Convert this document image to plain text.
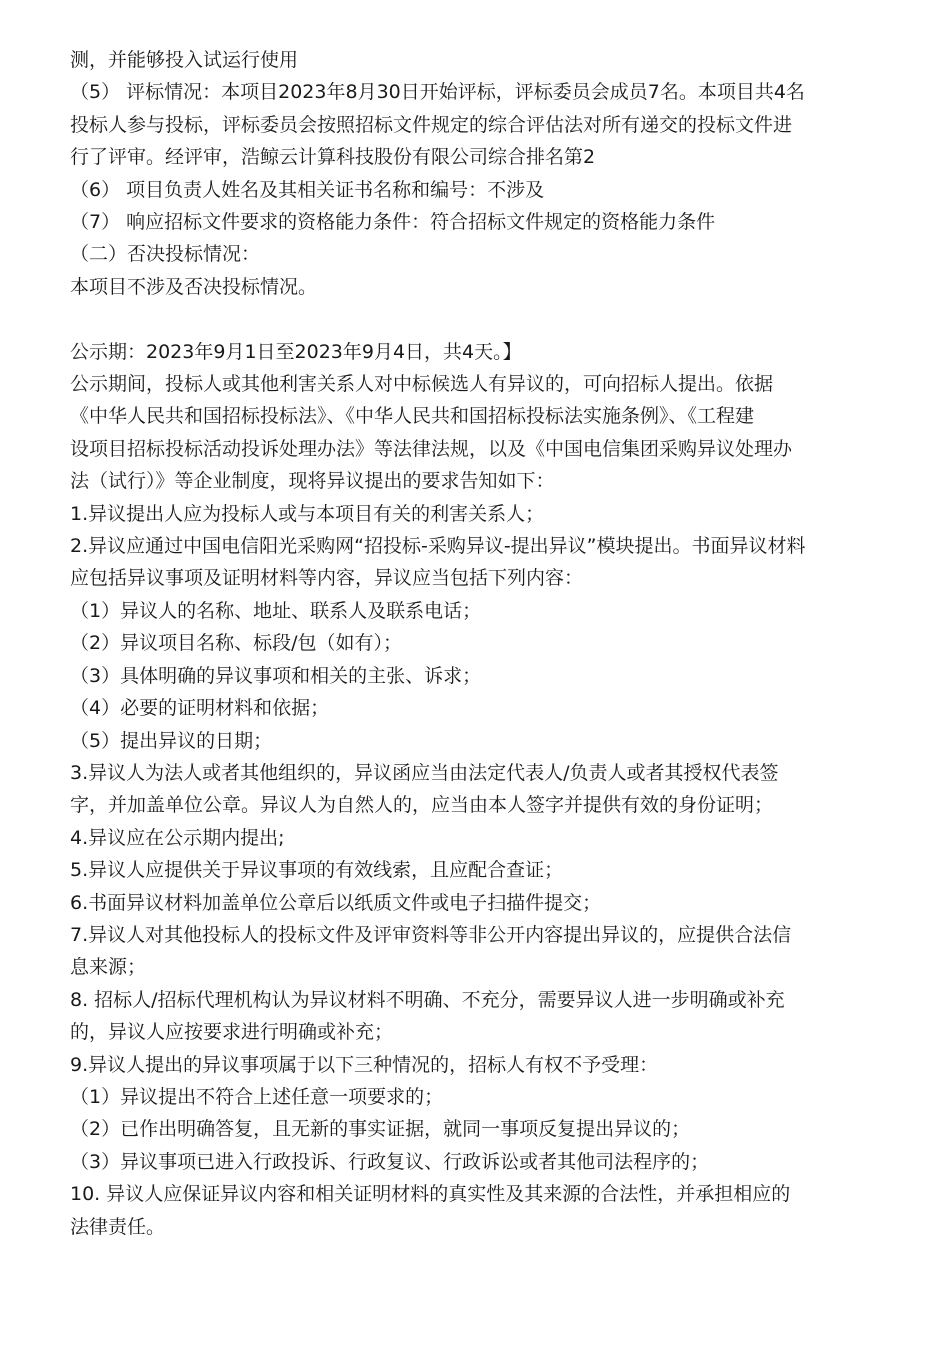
测，并能够投入试运行使用

（5） 评标情况：本项目2023年8月30日开始评标，评标委员会成员7名。本项目共4名

投标人参与投标，评标委员会按照招标文件规定的综合评估法对所有递交的投标文件进

行了评审。经评审，浩鲸云计算科技股份有限公司综合排名第2

（6） 项目负责人姓名及其相关证书名称和编号：不涉及

（7） 响应招标文件要求的资格能力条件：符合招标文件规定的资格能力条件

（二）否决投标情况：

本项目不涉及否决投标情况。

公示期：2023年9月1日至2023年9月4日，共4天。】

公示期间，投标人或其他利害关系人对中标候选人有异议的，可向招标人提出。依据

《中华人民共和国招标投标法》、《中华人民共和国招标投标法实施条例》、《工程建

设项目招标投标活动投诉处理办法》等法律法规，以及《中国电信集团采购异议处理办

法（试行）》等企业制度，现将异议提出的要求告知如下：

1.异议提出人应为投标人或与本项目有关的利害关系人；

2.异议应通过中国电信阳光采购网“招投标-采购异议-提出异议”模块提出。书面异议材料

应包括异议事项及证明材料等内容，异议应当包括下列内容：

（1）异议人的名称、地址、联系人及联系电话；

（2）异议项目名称、标段/包（如有）；

（3）具体明确的异议事项和相关的主张、诉求；

（4）必要的证明材料和依据；

（5）提出异议的日期；

3.异议人为法人或者其他组织的，异议函应当由法定代表人/负责人或者其授权代表签

字，并加盖单位公章。异议人为自然人的，应当由本人签字并提供有效的身份证明；

4.异议应在公示期内提出;

5.异议人应提供关于异议事项的有效线索，且应配合查证；

6.书面异议材料加盖单位公章后以纸质文件或电子扫描件提交；

7.异议人对其他投标人的投标文件及评审资料等非公开内容提出异议的，应提供合法信

息来源；

8. 招标人/招标代理机构认为异议材料不明确、不充分，需要异议人进一步明确或补充

的，异议人应按要求进行明确或补充；

9.异议人提出的异议事项属于以下三种情况的，招标人有权不予受理：

（1）异议提出不符合上述任意一项要求的；

（2）已作出明确答复，且无新的事实证据，就同一事项反复提出异议的；

（3）异议事项已进入行政投诉、行政复议、行政诉讼或者其他司法程序的；

10. 异议人应保证异议内容和相关证明材料的真实性及其来源的合法性，并承担相应的

法律责任。
